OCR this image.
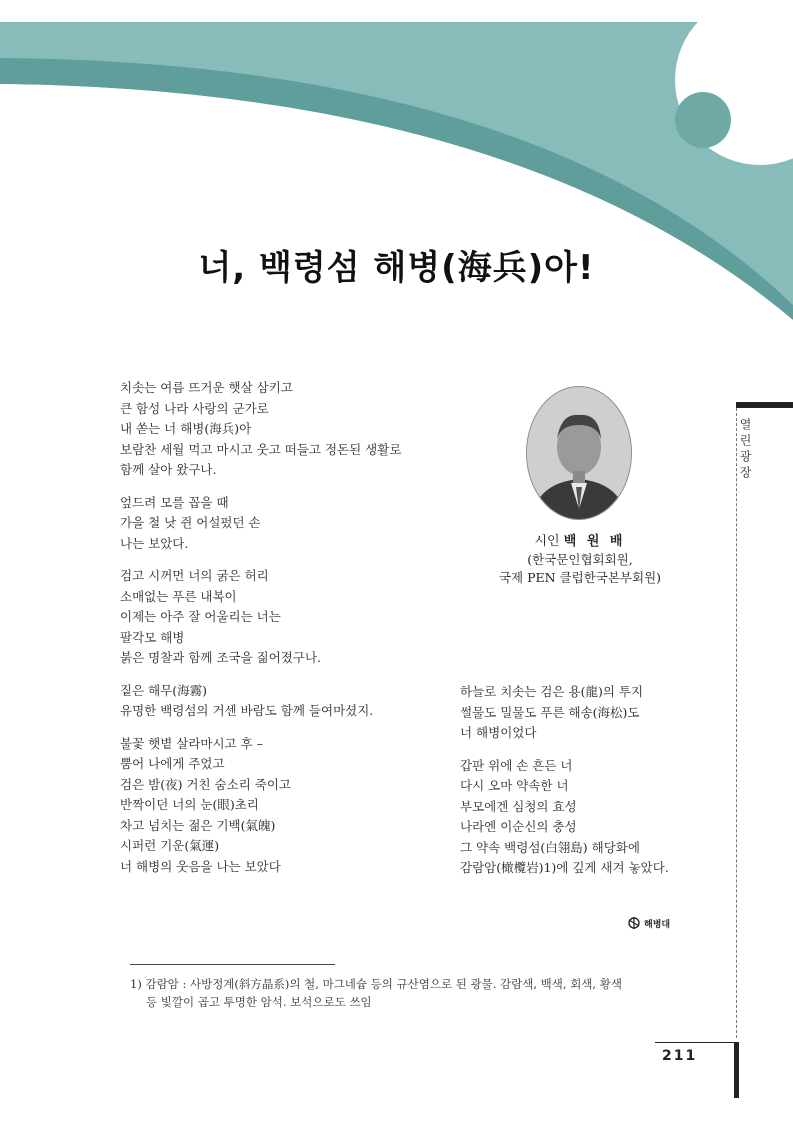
너, 백령섬 해병(海兵)아!
치솟는 여름 뜨거운 햇살 삼키고
큰 함성 나라 사랑의 군가로
내 쏟는 너 해병(海兵)아
보람찬 세월 먹고 마시고 웃고 떠들고 정돈된 생활로
함께 살아 왔구나.
엎드려 모를 꼽을 때
가을 철 낫 쥔 어설펐던 손
나는 보았다.
검고 시꺼먼 너의 굵은 허리
소매없는 푸른 내복이
이제는 아주 잘 어울리는 너는
팔각모 해병
붉은 명찰과 함께 조국을 짊어졌구나.
짙은 해무(海霧)
유명한 백령섬의 거센 바람도 함께 들여마셨지.
불꽃 햇볕 살라마시고 후 –
뿜어 나에게 주었고
검은 밤(夜) 거친 숨소리 죽이고
반짝이던 너의 눈(眼)초리
차고 넘치는 젊은 기백(氣魄)
시퍼런 기운(氣運)
너 해병의 웃음을 나는 보았다
하늘로 치솟는 검은 용(龍)의 투지
썰물도 밀물도 푸른 해송(海松)도
너 해병이었다
갑판 위에 손 흔든 너
다시 오마 약속한 너
부모에겐 심청의 효성
나라엔 이순신의 충성
그 약속 백령섬(白翎島) 해당화에
감람암(橄欖岩)1)에 깊게 새겨 놓았다.
시인 백 원 배
(한국문인협회회원,
국제 PEN 클럽한국본부회원)
열린광장
해병대
1) 감람암 : 사방정계(斜方晶系)의 철, 마그네슘 등의 규산염으로 된 광물. 감람색, 백색, 회색, 황색
등 빛깔이 곱고 투명한 암석. 보석으로도 쓰임
211
